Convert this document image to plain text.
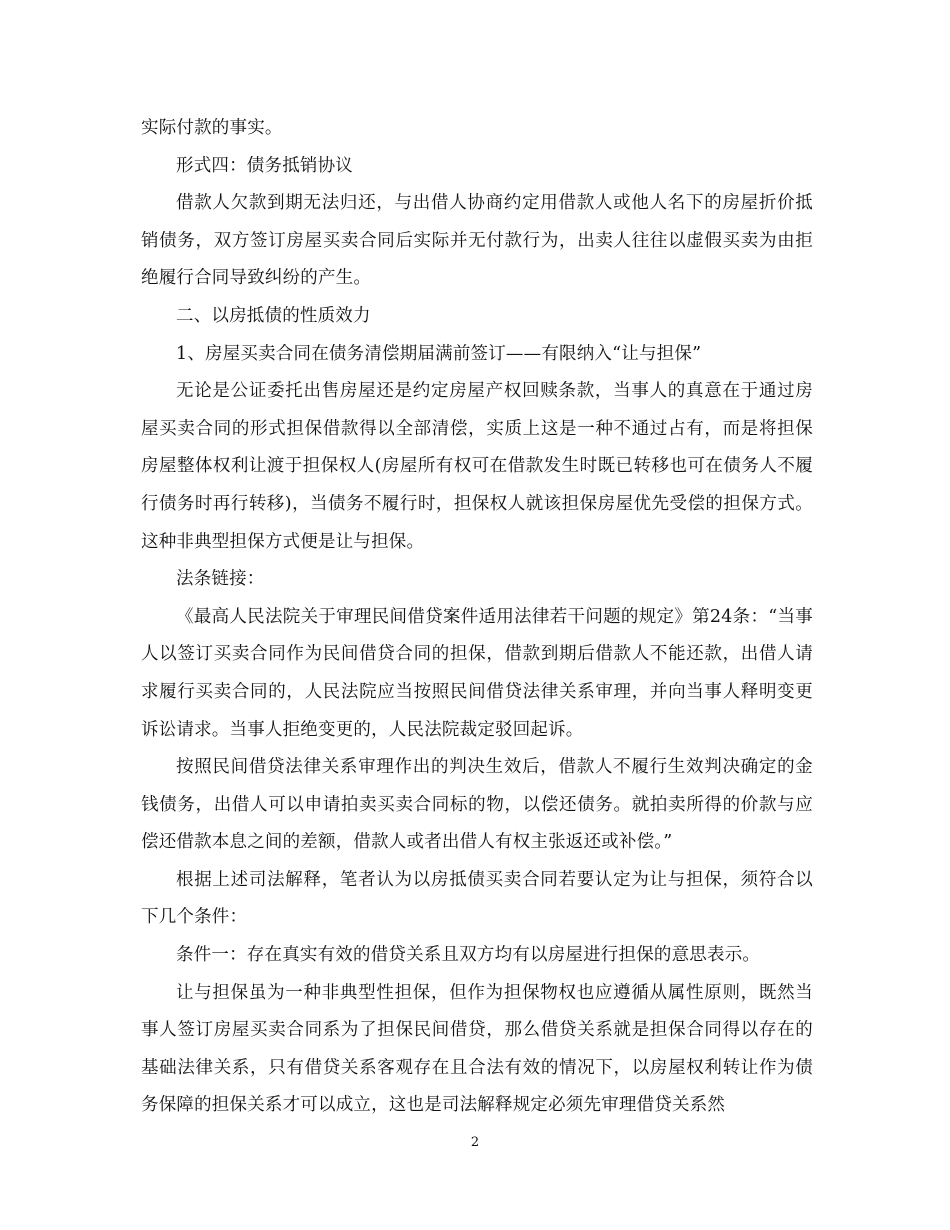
实际付款的事实。

形式四：债务抵销协议

借款人欠款到期无法归还，与出借人协商约定用借款人或他人名下的房屋折价抵销债务，双方签订房屋买卖合同后实际并无付款行为，出卖人往往以虚假买卖为由拒绝履行合同导致纠纷的产生。

二、以房抵债的性质效力

1、房屋买卖合同在债务清偿期届满前签订——有限纳入“让与担保”

无论是公证委托出售房屋还是约定房屋产权回赎条款，当事人的真意在于通过房屋买卖合同的形式担保借款得以全部清偿，实质上这是一种不通过占有，而是将担保房屋整体权利让渡于担保权人(房屋所有权可在借款发生时既已转移也可在债务人不履行债务时再行转移)，当债务不履行时，担保权人就该担保房屋优先受偿的担保方式。这种非典型担保方式便是让与担保。

法条链接：

《最高人民法院关于审理民间借贷案件适用法律若干问题的规定》第24条：“当事人以签订买卖合同作为民间借贷合同的担保，借款到期后借款人不能还款，出借人请求履行买卖合同的，人民法院应当按照民间借贷法律关系审理，并向当事人释明变更诉讼请求。当事人拒绝变更的，人民法院裁定驳回起诉。

按照民间借贷法律关系审理作出的判决生效后，借款人不履行生效判决确定的金钱债务，出借人可以申请拍卖买卖合同标的物，以偿还债务。就拍卖所得的价款与应偿还借款本息之间的差额，借款人或者出借人有权主张返还或补偿。”

根据上述司法解释，笔者认为以房抵债买卖合同若要认定为让与担保，须符合以下几个条件：

条件一：存在真实有效的借贷关系且双方均有以房屋进行担保的意思表示。

让与担保虽为一种非典型性担保，但作为担保物权也应遵循从属性原则，既然当事人签订房屋买卖合同系为了担保民间借贷，那么借贷关系就是担保合同得以存在的基础法律关系，只有借贷关系客观存在且合法有效的情况下，以房屋权利转让作为债务保障的担保关系才可以成立，这也是司法解释规定必须先审理借贷关系然

2
